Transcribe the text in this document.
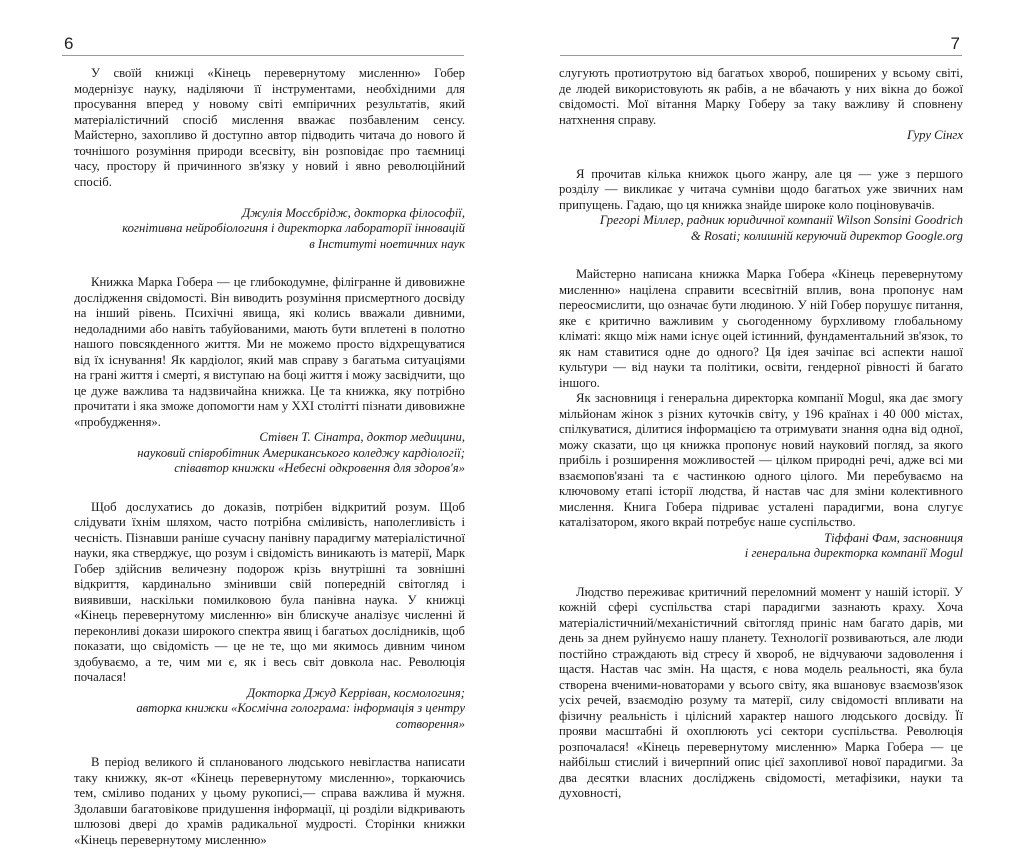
6

У своїй книжці «Кінець перевернутому мисленню» Гобер модернізує науку, наділяючи її інструментами, необхідними для просування вперед у новому світі емпіричних результатів, який матеріалістичний спосіб мислення вважає позбавленим сенсу. Майстерно, захопливо й доступно автор підводить читача до нового й точнішого розуміння природи всесвіту, він розповідає про таємниці часу, простору й причинного зв'язку у новий і явно революційний спосіб.

Джулія Моссбрідж, докторка філософії,

когнітивна нейробіологиня і директорка лабораторії інновацій

в Інституті ноетичних наук

Книжка Марка Гобера — це глибокодумне, філігранне й дивовижне дослідження свідомості. Він виводить розуміння присмертного досвіду на інший рівень. Психічні явища, які колись вважали дивними, недоладними або навіть табуйованими, мають бути вплетені в полотно нашого повсякденного життя. Ми не можемо просто відхрещуватися від їх існування! Як кардіолог, який мав справу з багатьма ситуаціями на грані життя і смерті, я виступаю на боці життя і можу засвідчити, що це дуже важлива та надзвичайна книжка. Це та книжка, яку потрібно прочитати і яка зможе допомогти нам у XXI столітті пізнати дивовижне «пробудження».

Стівен Т. Сінатра, доктор медицини,

науковий співробітник Американського коледжу кардіології;

співавтор книжки «Небесні одкровення для здоров'я»

Щоб дослухатись до доказів, потрібен відкритий розум. Щоб слідувати їхнім шляхом, часто потрібна сміливість, наполегливість і чесність. Пізнавши раніше сучасну панівну парадигму матеріалістичної науки, яка стверджує, що розум і свідомість виникають із матерії, Марк Гобер здійснив величезну подорож крізь внутрішні та зовнішні відкриття, кардинально змінивши свій попередній світогляд і виявивши, наскільки помилковою була панівна наука. У книжці «Кінець перевернутому мисленню» він блискуче аналізує численні й переконливі докази широкого спектра явищ і багатьох дослідників, щоб показати, що свідомість — це не те, що ми якимось дивним чином здобуваємо, а те, чим ми є, як і весь світ довкола нас. Революція почалася!

Докторка Джуд Керріван, космологиня;

авторка книжки «Космічна голограма: інформація з центру сотворення»

В період великого й спланованого людського невігластва написати таку книжку, як-от «Кінець перевернутому мисленню», торкаючись тем, сміливо поданих у цьому рукописі,— справа важлива й мужня. Здолавши багатовікове придушення інформації, ці розділи відкривають шлюзові двері до храмів радикальної мудрості. Сторінки книжки «Кінець перевернутому мисленню»

7

слугують протиотрутою від багатьох хвороб, поширених у всьому світі, де людей використовують як рабів, а не вбачають у них вікна до божої свідомості. Мої вітання Марку Гоберу за таку важливу й сповнену натхнення справу.

Гуру Сінгх

Я прочитав кілька книжок цього жанру, але ця — уже з першого розділу — викликає у читача сумніви щодо багатьох уже звичних нам припущень. Гадаю, що ця книжка знайде широке коло поціновувачів.

Грегорі Міллер, радник юридичної компанії Wilson Sonsini Goodrich

& Rosati; колишній керуючий директор Google.org

Майстерно написана книжка Марка Гобера «Кінець перевернутому мисленню» націлена справити всесвітній вплив, вона пропонує нам переосмислити, що означає бути людиною. У ній Гобер порушує питання, яке є критично важливим у сьогоденному бурхливому глобальному кліматі: якщо між нами існує оцей істинний, фундаментальний зв'язок, то як нам ставитися одне до одного? Ця ідея зачіпає всі аспекти нашої культури — від науки та політики, освіти, гендерної рівності й багато іншого.

Як засновниця і генеральна директорка компанії Mogul, яка дає змогу мільйонам жінок з різних куточків світу, у 196 країнах і 40 000 містах, спілкуватися, ділитися інформацією та отримувати знання одна від одної, можу сказати, що ця книжка пропонує новий науковий погляд, за якого прибіль і розширення можливостей — цілком природні речі, адже всі ми взаємопов'язані та є частинкою одного цілого. Ми перебуваємо на ключовому етапі історії людства, й настав час для зміни колективного мислення. Книга Гобера підриває усталені парадигми, вона слугує каталізатором, якого вкрай потребує наше суспільство.

Тіффані Фам, засновниця

і генеральна директорка компанії Mogul

Людство переживає критичний переломний момент у нашій історії. У кожній сфері суспільства старі парадигми зазнають краху. Хоча матеріалістичний/механістичний світогляд приніс нам багато дарів, ми день за днем руйнуємо нашу планету. Технології розвиваються, але люди постійно страждають від стресу й хвороб, не відчуваючи задоволення і щастя. Настав час змін. На щастя, є нова модель реальності, яка була створена вченими-новаторами у всього світу, яка вшановує взаємозв'язок усіх речей, взаємодію розуму та матерії, силу свідомості впливати на фізичну реальність і цілісний характер нашого людського досвіду. Її прояви масштабні й охоплюють усі сектори суспільства. Революція розпочалася! «Кінець перевернутому мисленню» Марка Гобера — це найбільш стислий і вичерпний опис цієї захопливої нової парадигми. За два десятки власних досліджень свідомості, метафізики, науки та духовності,
